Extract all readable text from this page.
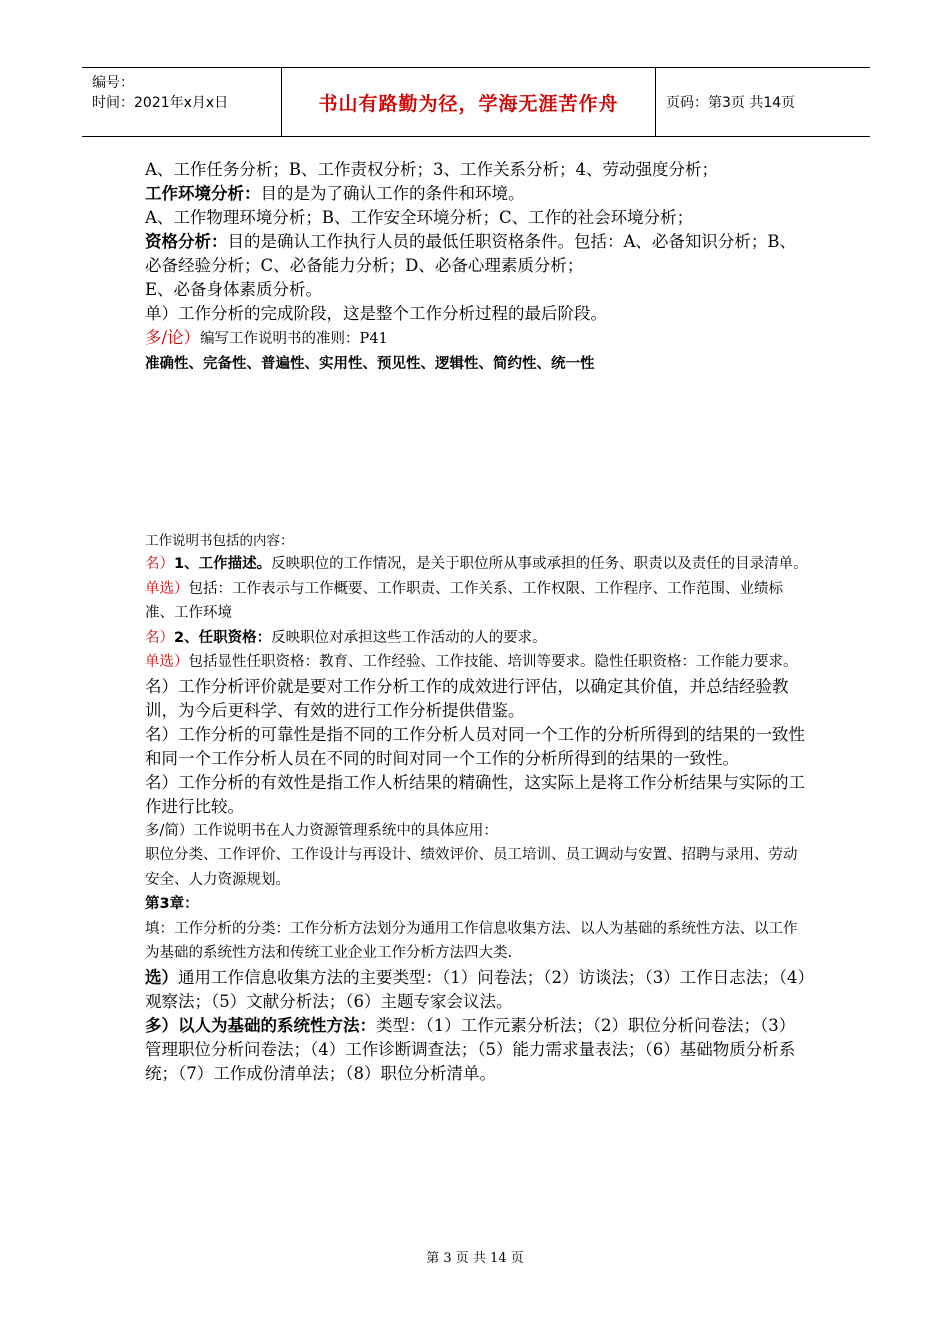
编号：
时间：2021年x月x日	书山有路勤为径，学海无涯苦作舟	页码：第3页 共14页

A、工作任务分析；B、工作责权分析；3、工作关系分析；4、劳动强度分析；

工作环境分析：目的是为了确认工作的条件和环境。

A、工作物理环境分析；B、工作安全环境分析；C、工作的社会环境分析；

资格分析：目的是确认工作执行人员的最低任职资格条件。包括：A、必备知识分析；B、必备经验分析；C、必备能力分析；D、必备心理素质分析；

E、必备身体素质分析。

单）工作分析的完成阶段，这是整个工作分析过程的最后阶段。

多/论）编写工作说明书的准则：P41

准确性、完备性、普遍性、实用性、预见性、逻辑性、简约性、统一性

工作说明书包括的内容：

名）1、工作描述。反映职位的工作情况，是关于职位所从事或承担的任务、职责以及责任的目录清单。

单选）包括：工作表示与工作概要、工作职责、工作关系、工作权限、工作程序、工作范围、业绩标准、工作环境

名）2、任职资格：反映职位对承担这些工作活动的人的要求。

单选）包括显性任职资格：教育、工作经验、工作技能、培训等要求。隐性任职资格：工作能力要求。

名）工作分析评价就是要对工作分析工作的成效进行评估，以确定其价值，并总结经验教训，为今后更科学、有效的进行工作分析提供借鉴。

名）工作分析的可靠性是指不同的工作分析人员对同一个工作的分析所得到的结果的一致性和同一个工作分析人员在不同的时间对同一个工作的分析所得到的结果的一致性。

名）工作分析的有效性是指工作人析结果的精确性，这实际上是将工作分析结果与实际的工作进行比较。

多/简）工作说明书在人力资源管理系统中的具体应用：

职位分类、工作评价、工作设计与再设计、绩效评价、员工培训、员工调动与安置、招聘与录用、劳动安全、人力资源规划。

第3章：

填：工作分析的分类：工作分析方法划分为通用工作信息收集方法、以人为基础的系统性方法、以工作为基础的系统性方法和传统工业企业工作分析方法四大类.

选）通用工作信息收集方法的主要类型：（1）问卷法；（2）访谈法；（3）工作日志法；（4）观察法；（5）文献分析法；（6）主题专家会议法。

多）以人为基础的系统性方法：类型：（1）工作元素分析法；（2）职位分析问卷法；（3）管理职位分析问卷法；（4）工作诊断调查法；（5）能力需求量表法；（6）基础物质分析系统；（7）工作成份清单法；（8）职位分析清单。

第 3 页 共 14 页
